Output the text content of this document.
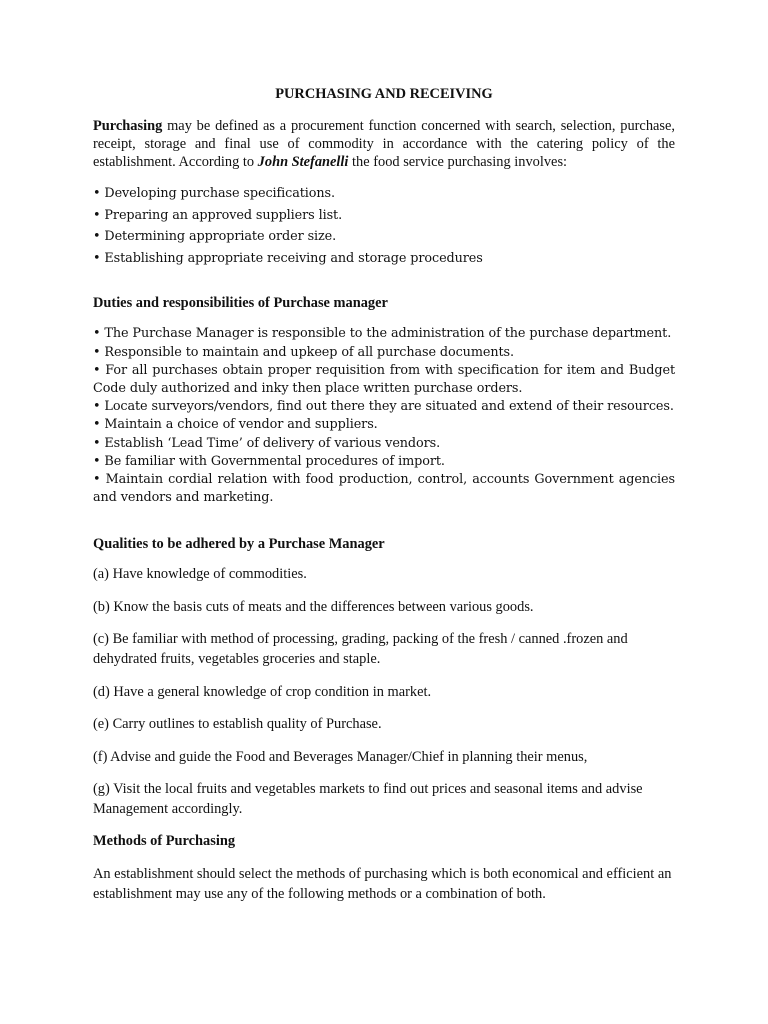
PURCHASING AND RECEIVING

Purchasing may be defined as a procurement function concerned with search, selection, purchase, receipt, storage and final use of commodity in accordance with the catering policy of the establishment. According to John Stefanelli the food service purchasing involves:

• Developing purchase specifications.

• Preparing an approved suppliers list.

• Determining appropriate order size.

• Establishing appropriate receiving and storage procedures

Duties and responsibilities of Purchase manager

• The Purchase Manager is responsible to the administration of the purchase department.

• Responsible to maintain and upkeep of all purchase documents.

• For all purchases obtain proper requisition from with specification for item and Budget Code duly authorized and inky then place written purchase orders.

• Locate surveyors/vendors, find out there they are situated and extend of their resources.

• Maintain a choice of vendor and suppliers.

• Establish ‘Lead Time’ of delivery of various vendors.

• Be familiar with Governmental procedures of import.

• Maintain cordial relation with food production, control, accounts Government agencies and vendors and marketing.

Qualities to be adhered by a Purchase Manager

(a) Have knowledge of commodities.

(b) Know the basis cuts of meats and the differences between various goods.

(c) Be familiar with method of processing, grading, packing of the fresh / canned .frozen and dehydrated fruits, vegetables groceries and staple.

(d) Have a general knowledge of crop condition in market.

(e) Carry outlines to establish quality of Purchase.

(f) Advise and guide the Food and Beverages Manager/Chief in planning their menus,

(g) Visit the local fruits and vegetables markets to find out prices and seasonal items and advise Management accordingly.

Methods of Purchasing

An establishment should select the methods of purchasing which is both economical and efficient an establishment may use any of the following methods or a combination of both.
